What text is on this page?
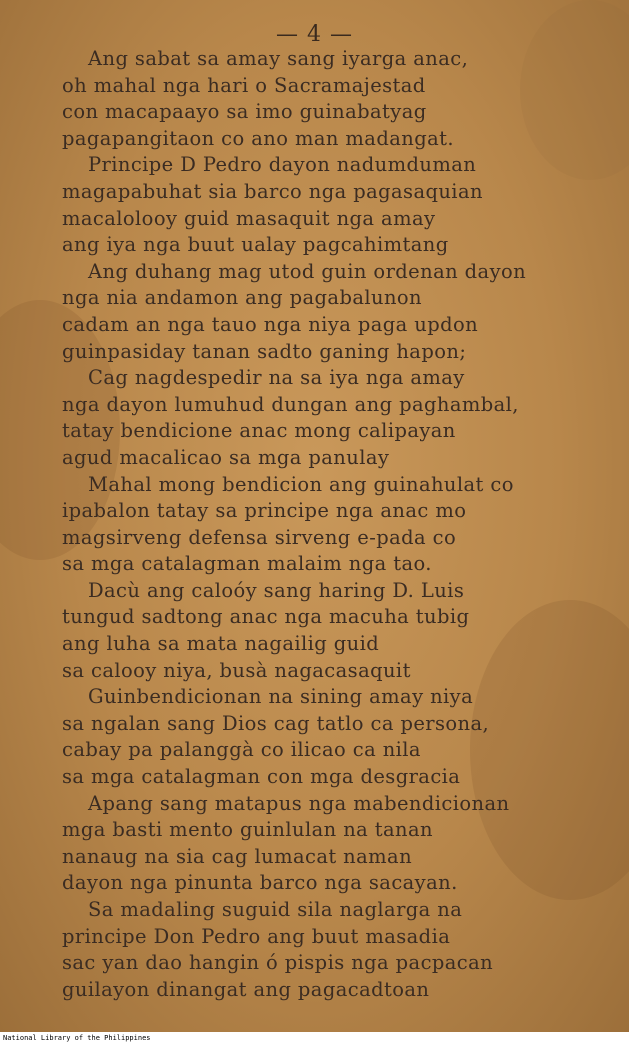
— 4 —
Ang sabat sa amay sang iyarga anac,
oh mahal nga hari o Sacramajestad
con macapaayo sa imo guinabatyag
pagapangitaon co ano man madangat.
Principe D Pedro dayon nadumduman
magapabuhat sia barco nga pagasaquian
macalolooy guid masaquit nga amay
ang iya nga buut ualay pagcahimtang
Ang duhang mag utod guin ordenan dayon
nga nia andamon ang pagabalunon
cadam an nga tauo nga niya paga updon
guinpasiday tanan sadto ganing hapon;
Cag nagdespedir na sa iya nga amay
nga dayon lumuhud dungan ang paghambal,
tatay bendicione anac mong calipayan
agud macalicao sa mga panulay
Mahal mong bendicion ang guinahulat co
ipabalon tatay sa principe nga anac mo
magsirveng defensa sirveng e-pada co
sa mga catalagman malaim nga tao.
Dacù ang caloóy sang haring D. Luis
tungud sadtong anac nga macuha tubig
ang luha sa mata nagailig guid
sa calooy niya, busà nagacasaquit
Guinbendicionan na sining amay niya
sa ngalan sang Dios cag tatlo ca persona,
cabay pa palanggà co ilicao ca nila
sa mga catalagman con mga desgracia
Apang sang matapus nga mabendicionan
mga basti mento guinlulan na tanan
nanaug na sia cag lumacat naman
dayon nga pinunta barco nga sacayan.
Sa madaling suguid sila naglarga na
principe Don Pedro ang buut masadia
sac yan dao hangin ó pispis nga pacpacan
guilayon dinangat ang pagacadtoan
National Library of the Philippines
